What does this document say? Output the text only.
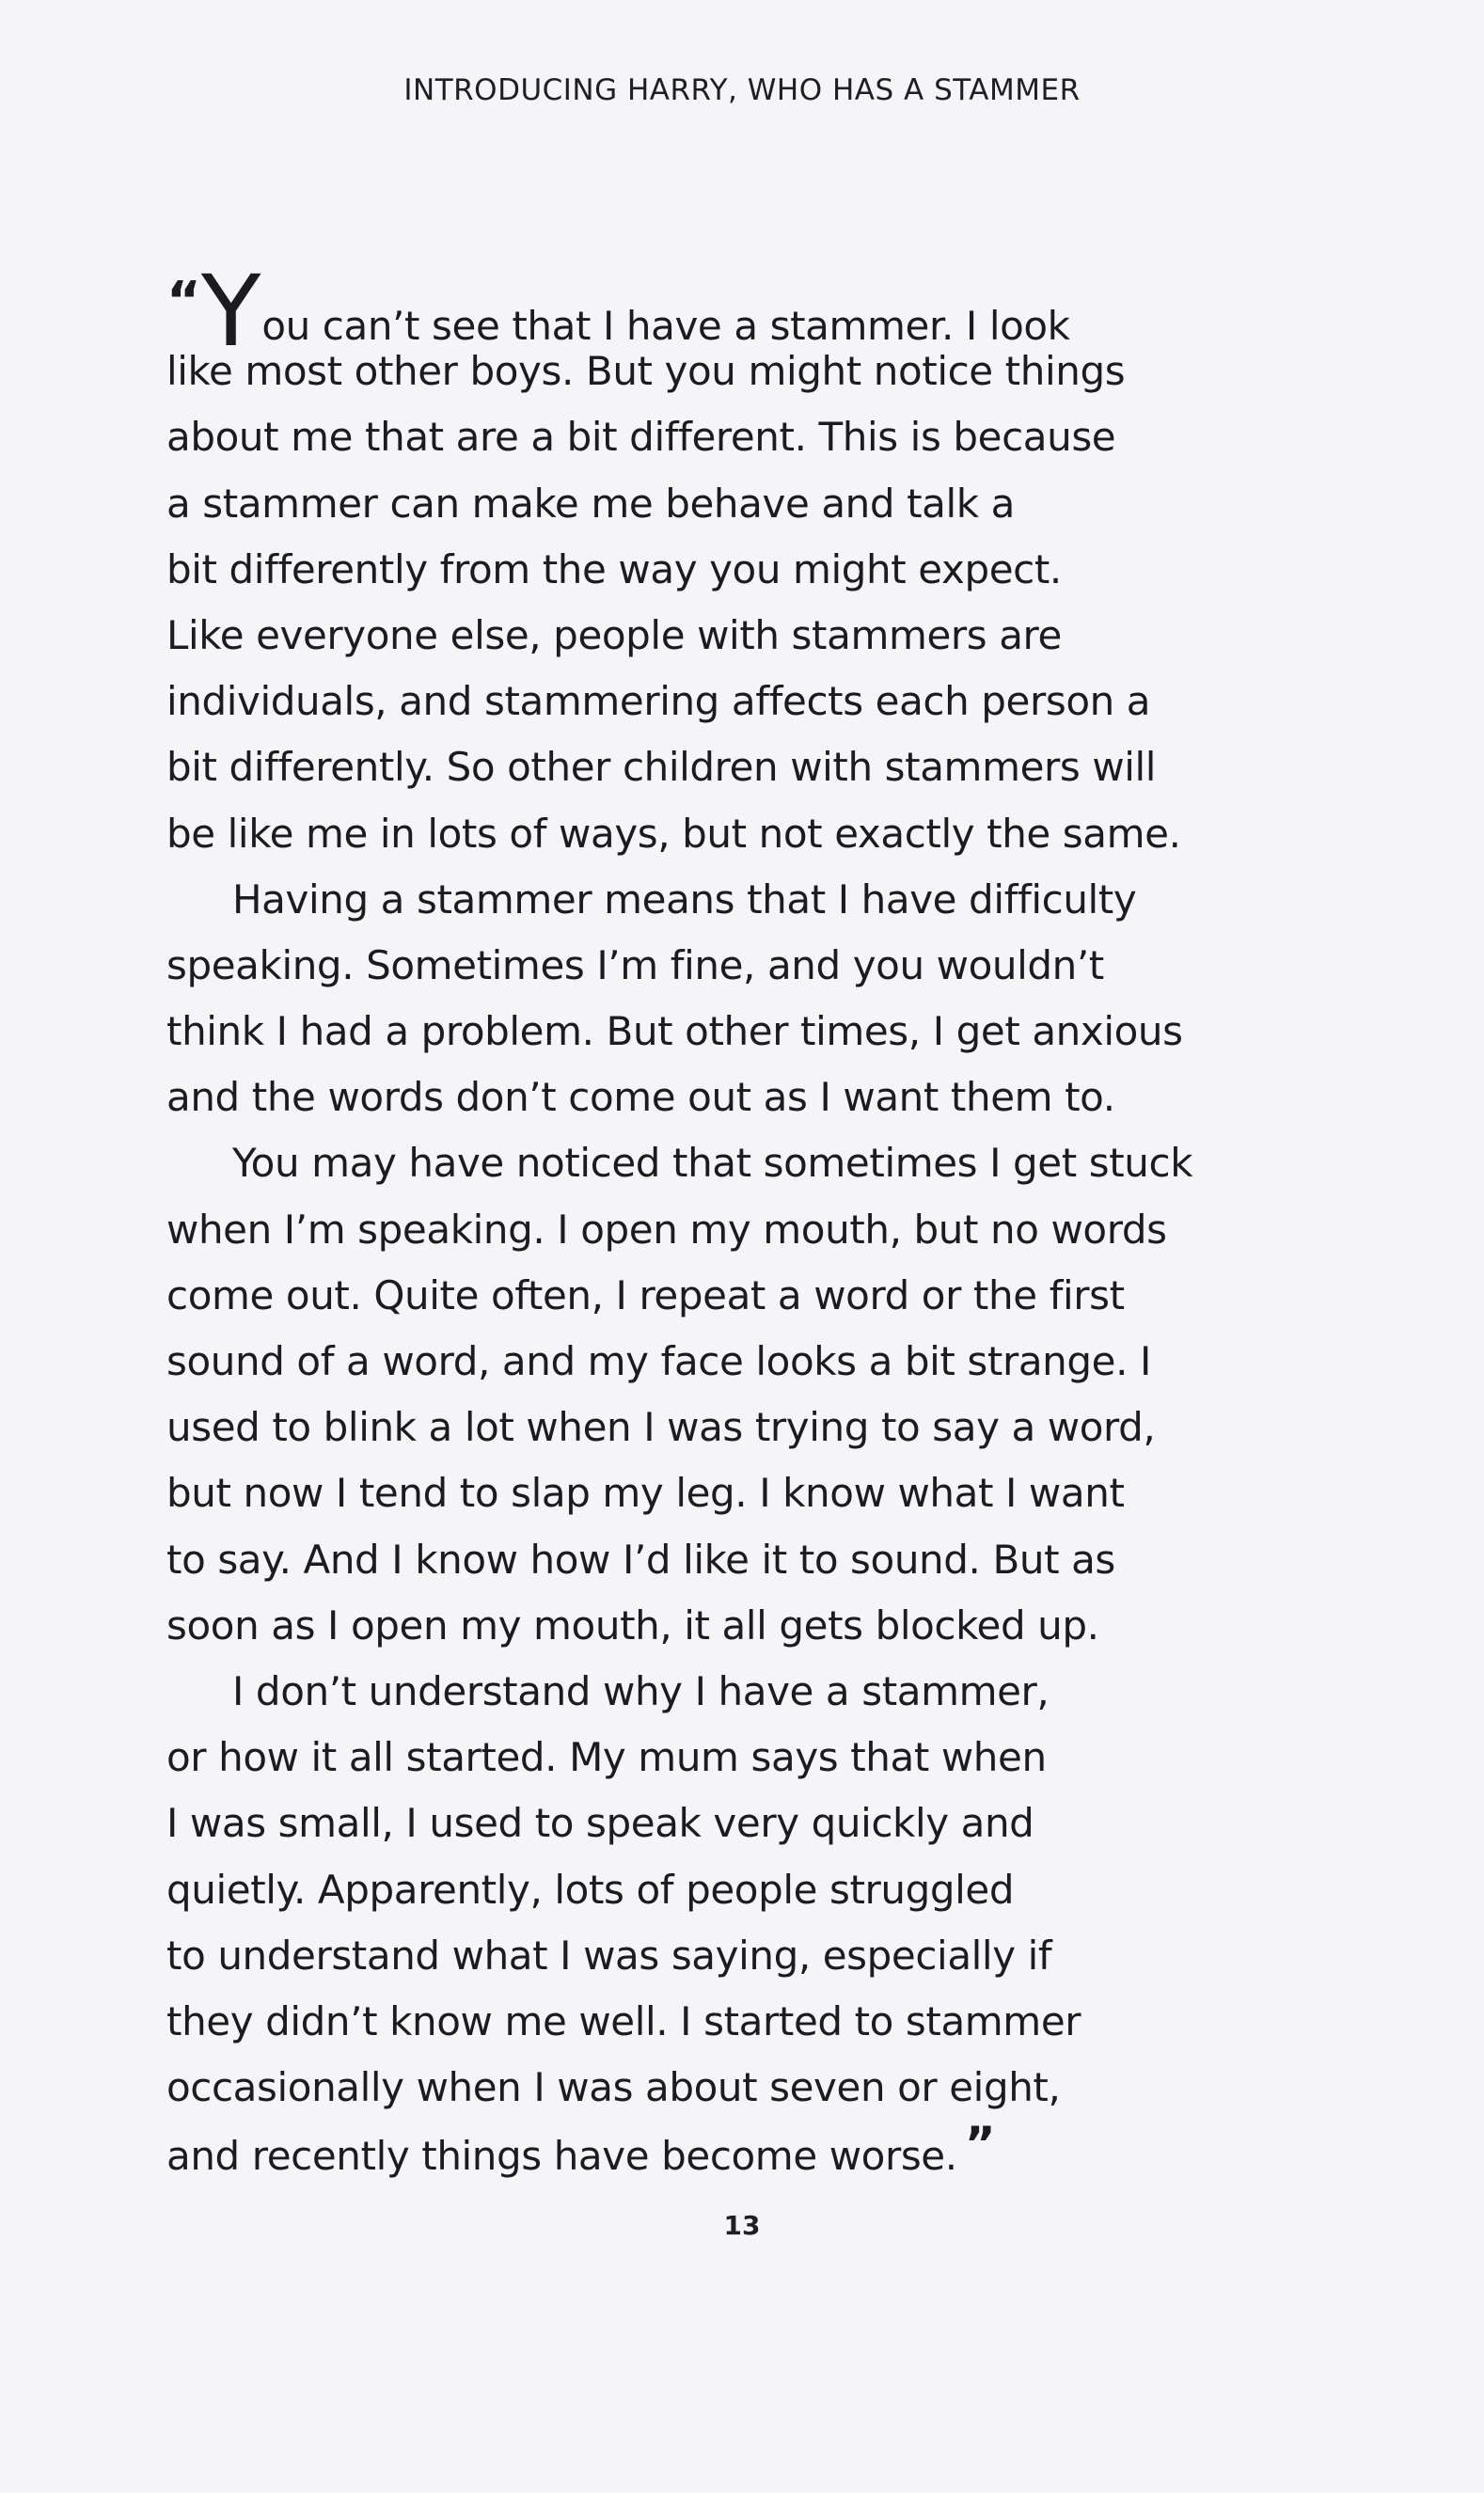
INTRODUCING HARRY, WHO HAS A STAMMER
“You can’t see that I have a stammer. I look
like most other boys. But you might notice things
about me that are a bit different. This is because
a stammer can make me behave and talk a
bit differently from the way you might expect.
Like everyone else, people with stammers are
individuals, and stammering affects each person a
bit differently. So other children with stammers will
be like me in lots of ways, but not exactly the same.
Having a stammer means that I have difficulty
speaking. Sometimes I’m fine, and you wouldn’t
think I had a problem. But other times, I get anxious
and the words don’t come out as I want them to.
You may have noticed that sometimes I get stuck
when I’m speaking. I open my mouth, but no words
come out. Quite often, I repeat a word or the first
sound of a word, and my face looks a bit strange. I
used to blink a lot when I was trying to say a word,
but now I tend to slap my leg. I know what I want
to say. And I know how I’d like it to sound. But as
soon as I open my mouth, it all gets blocked up.
I don’t understand why I have a stammer,
or how it all started. My mum says that when
I was small, I used to speak very quickly and
quietly. Apparently, lots of people struggled
to understand what I was saying, especially if
they didn’t know me well. I started to stammer
occasionally when I was about seven or eight,
and recently things have become worse. ”
13
